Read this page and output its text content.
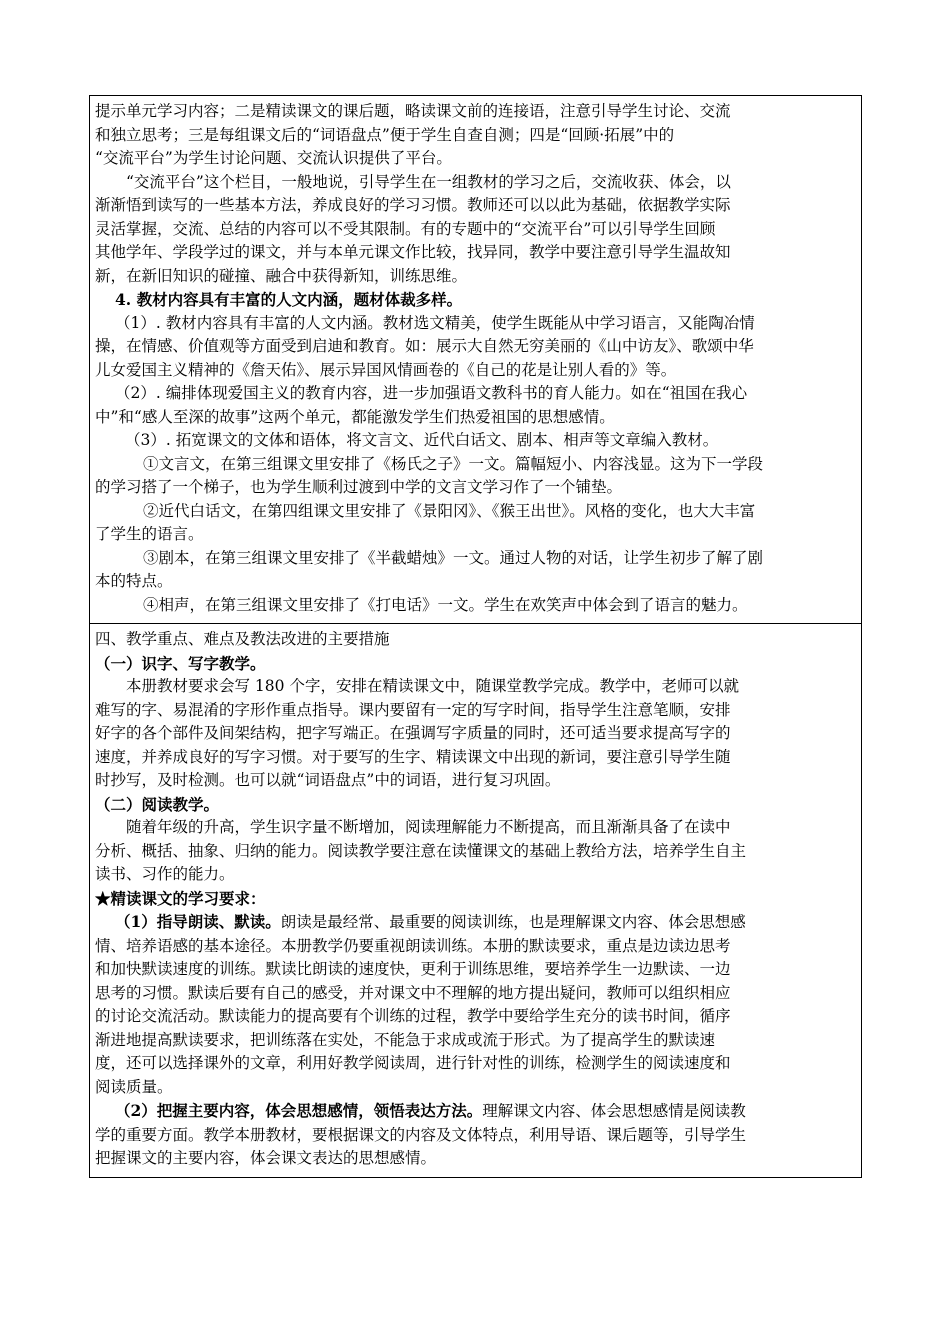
提示单元学习内容；二是精读课文的课后题，略读课文前的连接语，注意引导学生讨论、交流
和独立思考；三是每组课文后的“词语盘点”便于学生自查自测；四是“回顾·拓展”中的
“交流平台”为学生讨论问题、交流认识提供了平台。
“交流平台”这个栏目，一般地说，引导学生在一组教材的学习之后，交流收获、体会，以
渐渐悟到读写的一些基本方法，养成良好的学习习惯。教师还可以以此为基础，依据教学实际
灵活掌握，交流、总结的内容可以不受其限制。有的专题中的“交流平台”可以引导学生回顾
其他学年、学段学过的课文，并与本单元课文作比较，找异同，教学中要注意引导学生温故知
新，在新旧知识的碰撞、融合中获得新知，训练思维。
4. 教材内容具有丰富的人文内涵，题材体裁多样。
（1）. 教材内容具有丰富的人文内涵。教材选文精美，使学生既能从中学习语言，又能陶冶情
操，在情感、价值观等方面受到启迪和教育。如：展示大自然无穷美丽的《山中访友》、歌颂中华
儿女爱国主义精神的《詹天佑》、展示异国风情画卷的《自己的花是让别人看的》等。
（2）. 编排体现爱国主义的教育内容，进一步加强语文教科书的育人能力。如在“祖国在我心
中”和“感人至深的故事”这两个单元，都能激发学生们热爱祖国的思想感情。
（3）. 拓宽课文的文体和语体，将文言文、近代白话文、剧本、相声等文章编入教材。
①文言文，在第三组课文里安排了《杨氏之子》一文。篇幅短小、内容浅显。这为下一学段
的学习搭了一个梯子，也为学生顺利过渡到中学的文言文学习作了一个铺垫。
②近代白话文，在第四组课文里安排了《景阳冈》、《猴王出世》。风格的变化，也大大丰富
了学生的语言。
③剧本，在第三组课文里安排了《半截蜡烛》一文。通过人物的对话，让学生初步了解了剧
本的特点。
④相声，在第三组课文里安排了《打电话》一文。学生在欢笑声中体会到了语言的魅力。
四、教学重点、难点及教法改进的主要措施
（一）识字、写字教学。
本册教材要求会写 180 个字，安排在精读课文中，随课堂教学完成。教学中，老师可以就
难写的字、易混淆的字形作重点指导。课内要留有一定的写字时间，指导学生注意笔顺，安排
好字的各个部件及间架结构，把字写端正。在强调写字质量的同时，还可适当要求提高写字的
速度，并养成良好的写字习惯。对于要写的生字、精读课文中出现的新词，要注意引导学生随
时抄写，及时检测。也可以就“词语盘点”中的词语，进行复习巩固。
（二）阅读教学。
随着年级的升高，学生识字量不断增加，阅读理解能力不断提高，而且渐渐具备了在读中
分析、概括、抽象、归纳的能力。阅读教学要注意在读懂课文的基础上教给方法，培养学生自主
读书、习作的能力。
★精读课文的学习要求：
（1）指导朗读、默读。朗读是最经常、最重要的阅读训练，也是理解课文内容、体会思想感
情、培养语感的基本途径。本册教学仍要重视朗读训练。本册的默读要求，重点是边读边思考
和加快默读速度的训练。默读比朗读的速度快，更利于训练思维，要培养学生一边默读、一边
思考的习惯。默读后要有自己的感受，并对课文中不理解的地方提出疑问，教师可以组织相应
的讨论交流活动。默读能力的提高要有个训练的过程，教学中要给学生充分的读书时间，循序
渐进地提高默读要求，把训练落在实处，不能急于求成或流于形式。为了提高学生的默读速
度，还可以选择课外的文章，利用好教学阅读周，进行针对性的训练，检测学生的阅读速度和
阅读质量。
（2）把握主要内容，体会思想感情，领悟表达方法。理解课文内容、体会思想感情是阅读教
学的重要方面。教学本册教材，要根据课文的内容及文体特点，利用导语、课后题等，引导学生
把握课文的主要内容，体会课文表达的思想感情。
